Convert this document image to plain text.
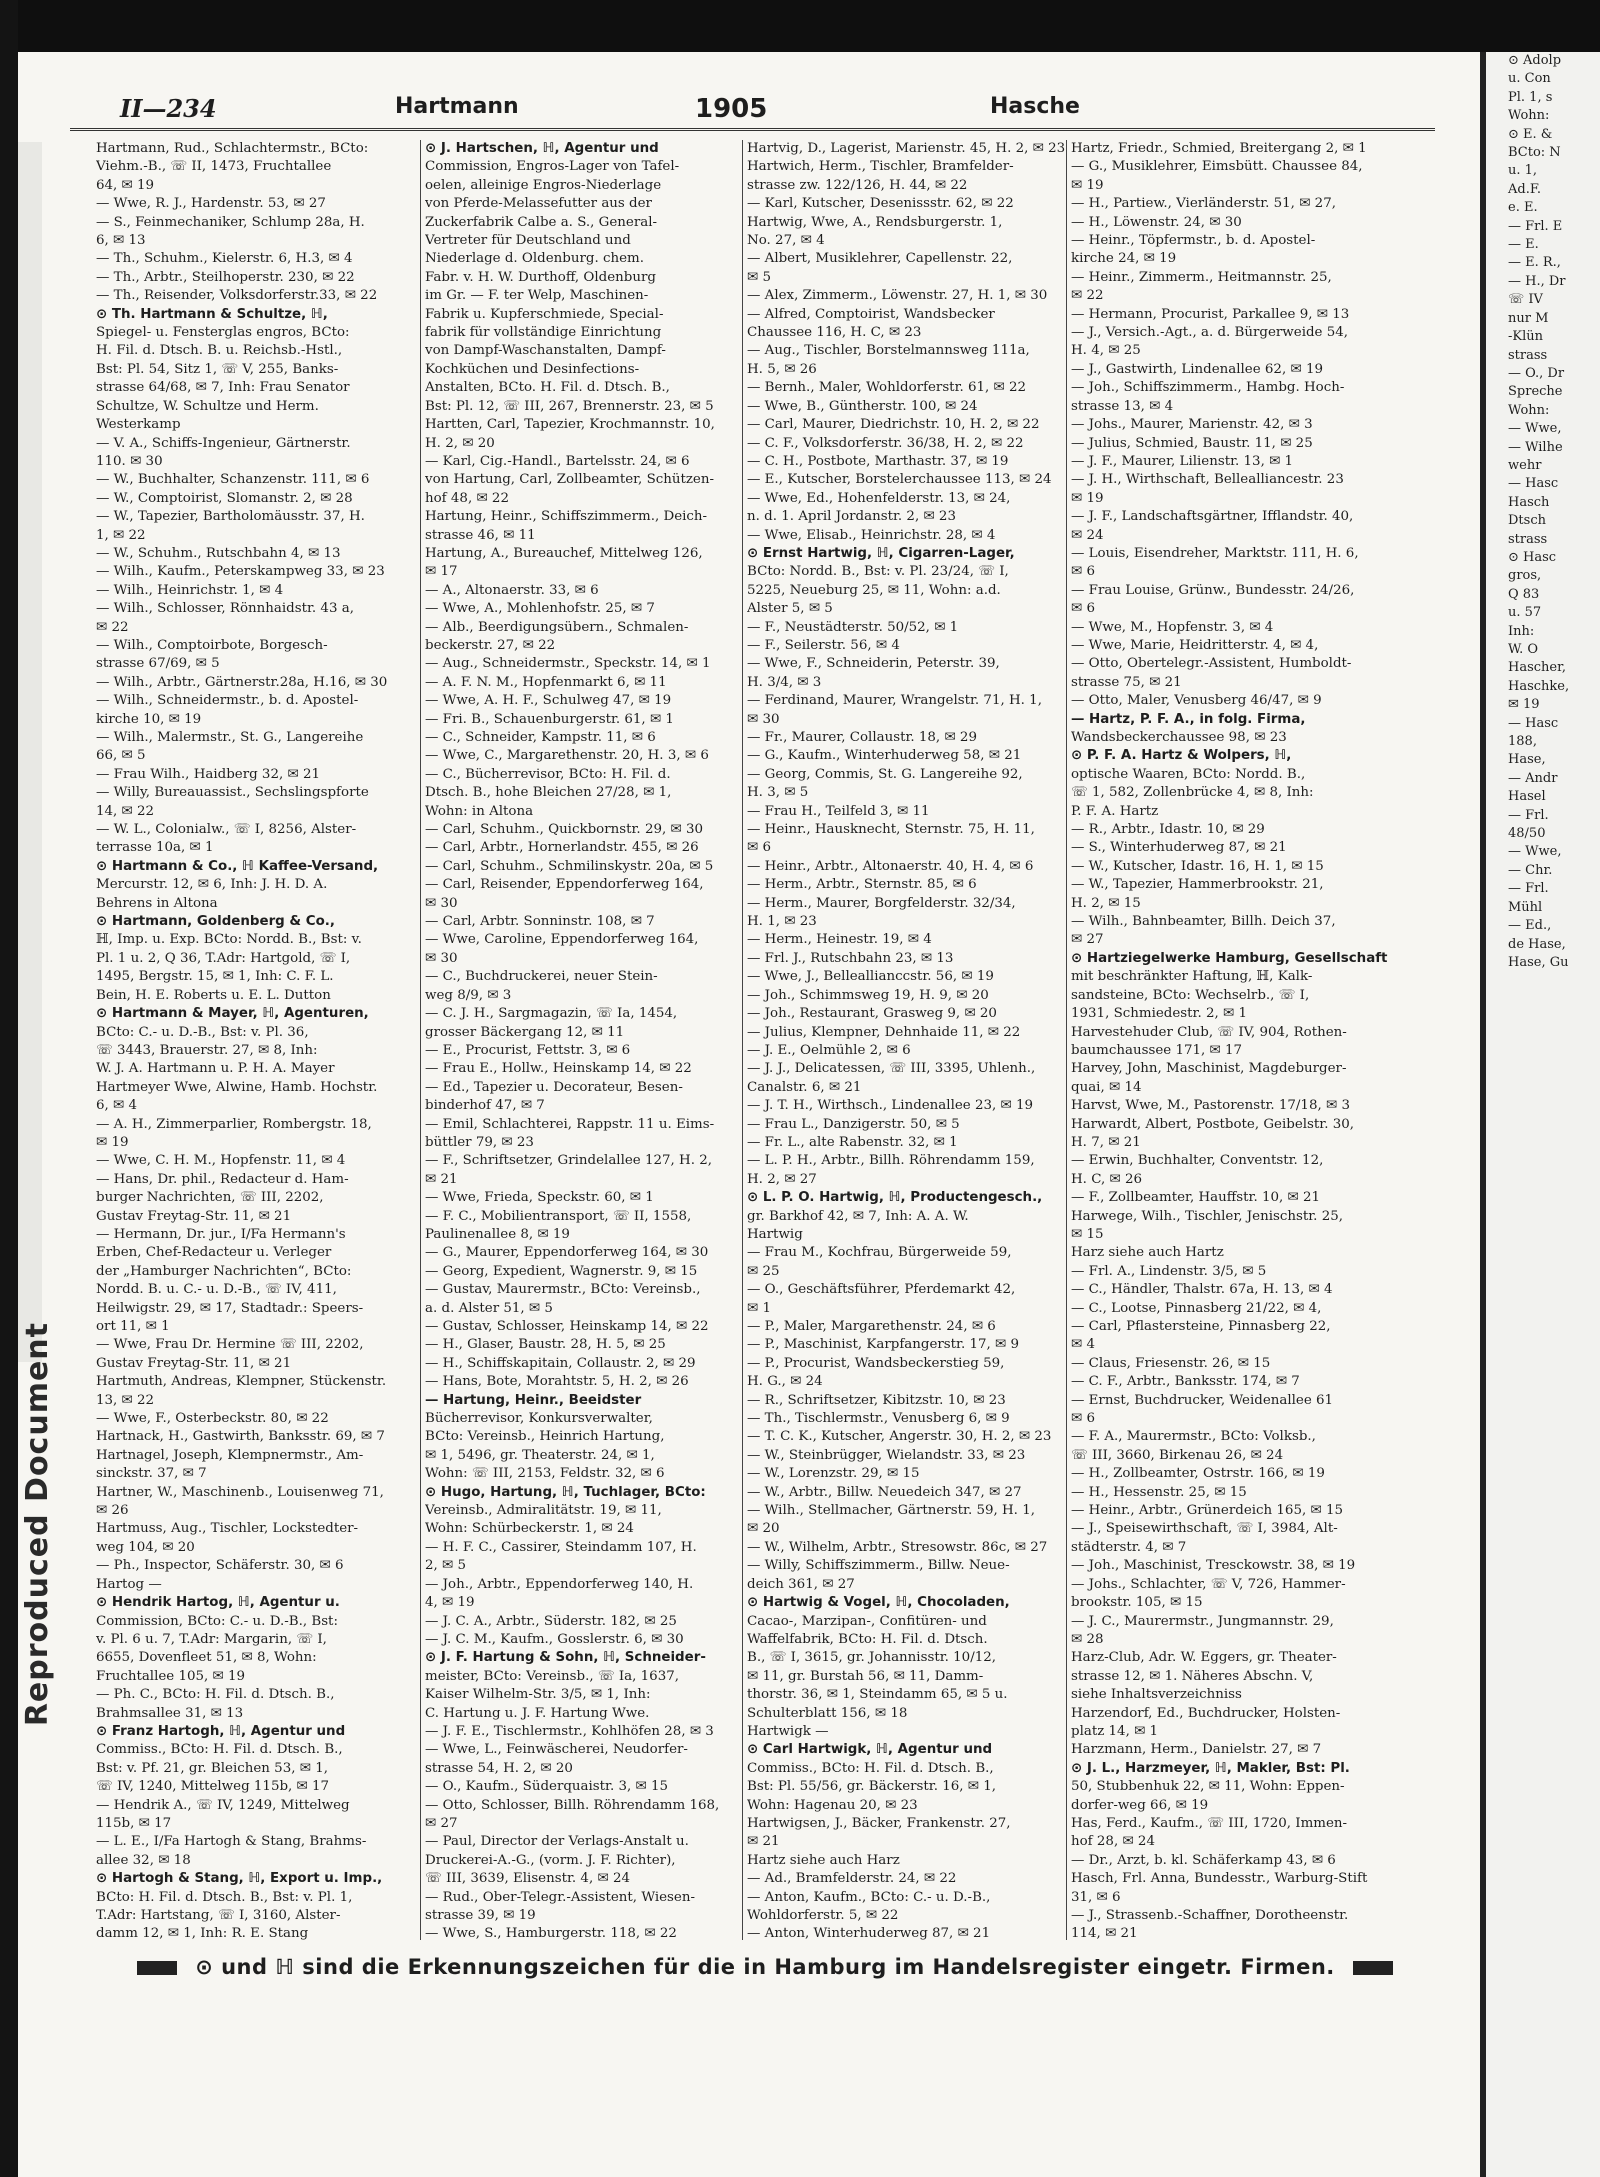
Reproduced Document
II—234	Hartmann	1905	Hasche
Hartmann, Rud., Schlachtermstr., BCto:
Viehm.-B., ☏ II, 1473, Fruchtallee
64, ✉ 19
— Wwe, R. J., Hardenstr. 53, ✉ 27
— S., Feinmechaniker, Schlump 28a, H.
6, ✉ 13
— Th., Schuhm., Kielerstr. 6, H.3, ✉ 4
— Th., Arbtr., Steilhoperstr. 230, ✉ 22
— Th., Reisender, Volksdorferstr.33, ✉ 22
⊙ Th. Hartmann & Schultze, ℍ,
Spiegel- u. Fensterglas engros, BCto:
H. Fil. d. Dtsch. B. u. Reichsb.-Hstl.,
Bst: Pl. 54, Sitz 1, ☏ V, 255, Banks-
strasse 64/68, ✉ 7, Inh: Frau Senator
Schultze, W. Schultze und Herm.
Westerkamp
— V. A., Schiffs-Ingenieur, Gärtnerstr.
110. ✉ 30
— W., Buchhalter, Schanzenstr. 111, ✉ 6
— W., Comptoirist, Slomanstr. 2, ✉ 28
— W., Tapezier, Bartholomäusstr. 37, H.
1, ✉ 22
— W., Schuhm., Rutschbahn 4, ✉ 13
— Wilh., Kaufm., Peterskampweg 33, ✉ 23
— Wilh., Heinrichstr. 1, ✉ 4
— Wilh., Schlosser, Rönnhaidstr. 43 a,
✉ 22
— Wilh., Comptoirbote, Borgesch-
strasse 67/69, ✉ 5
— Wilh., Arbtr., Gärtnerstr.28a, H.16, ✉ 30
— Wilh., Schneidermstr., b. d. Apostel-
kirche 10, ✉ 19
— Wilh., Malermstr., St. G., Langereihe
66, ✉ 5
— Frau Wilh., Haidberg 32, ✉ 21
— Willy, Bureauassist., Sechslingspforte
14, ✉ 22
— W. L., Colonialw., ☏ I, 8256, Alster-
terrasse 10a, ✉ 1
⊙ Hartmann & Co., ℍ Kaffee-Versand,
Mercurstr. 12, ✉ 6, Inh: J. H. D. A.
Behrens in Altona
⊙ Hartmann, Goldenberg & Co.,
ℍ, Imp. u. Exp. BCto: Nordd. B., Bst: v.
Pl. 1 u. 2, Q 36, T.Adr: Hartgold, ☏ I,
1495, Bergstr. 15, ✉ 1, Inh: C. F. L.
Bein, H. E. Roberts u. E. L. Dutton
⊙ Hartmann & Mayer, ℍ, Agenturen,
BCto: C.- u. D.-B., Bst: v. Pl. 36,
☏ 3443, Brauerstr. 27, ✉ 8, Inh:
W. J. A. Hartmann u. P. H. A. Mayer
Hartmeyer Wwe, Alwine, Hamb. Hochstr.
6, ✉ 4
— A. H., Zimmerparlier, Rombergstr. 18,
✉ 19
— Wwe, C. H. M., Hopfenstr. 11, ✉ 4
— Hans, Dr. phil., Redacteur d. Ham-
burger Nachrichten, ☏ III, 2202,
Gustav Freytag-Str. 11, ✉ 21
— Hermann, Dr. jur., I/Fa Hermann's
Erben, Chef-Redacteur u. Verleger
der „Hamburger Nachrichten“, BCto:
Nordd. B. u. C.- u. D.-B., ☏ IV, 411,
Heilwigstr. 29, ✉ 17, Stadtadr.: Speers-
ort 11, ✉ 1
— Wwe, Frau Dr. Hermine ☏ III, 2202,
Gustav Freytag-Str. 11, ✉ 21
Hartmuth, Andreas, Klempner, Stückenstr.
13, ✉ 22
— Wwe, F., Osterbeckstr. 80, ✉ 22
Hartnack, H., Gastwirth, Banksstr. 69, ✉ 7
Hartnagel, Joseph, Klempnermstr., Am-
sinckstr. 37, ✉ 7
Hartner, W., Maschinenb., Louisenweg 71,
✉ 26
Hartmuss, Aug., Tischler, Lockstedter-
weg 104, ✉ 20
— Ph., Inspector, Schäferstr. 30, ✉ 6
Hartog —
⊙ Hendrik Hartog, ℍ, Agentur u.
Commission, BCto: C.- u. D.-B., Bst:
v. Pl. 6 u. 7, T.Adr: Margarin, ☏ I,
6655, Dovenfleet 51, ✉ 8, Wohn:
Fruchtallee 105, ✉ 19
— Ph. C., BCto: H. Fil. d. Dtsch. B.,
Brahmsallee 31, ✉ 13
⊙ Franz Hartogh, ℍ, Agentur und
Commiss., BCto: H. Fil. d. Dtsch. B.,
Bst: v. Pf. 21, gr. Bleichen 53, ✉ 1,
☏ IV, 1240, Mittelweg 115b, ✉ 17
— Hendrik A., ☏ IV, 1249, Mittelweg
115b, ✉ 17
— L. E., I/Fa Hartogh & Stang, Brahms-
allee 32, ✉ 18
⊙ Hartogh & Stang, ℍ, Export u. Imp.,
BCto: H. Fil. d. Dtsch. B., Bst: v. Pl. 1,
T.Adr: Hartstang, ☏ I, 3160, Alster-
damm 12, ✉ 1, Inh: R. E. Stang
⊙ J. Hartschen, ℍ, Agentur und
Commission, Engros-Lager von Tafel-
oelen, alleinige Engros-Niederlage
von Pferde-Melassefutter aus der
Zuckerfabrik Calbe a. S., General-
Vertreter für Deutschland und
Niederlage d. Oldenburg. chem.
Fabr. v. H. W. Durthoff, Oldenburg
im Gr. — F. ter Welp, Maschinen-
Fabrik u. Kupferschmiede, Special-
fabrik für vollständige Einrichtung
von Dampf-Waschanstalten, Dampf-
Kochküchen und Desinfections-
Anstalten, BCto. H. Fil. d. Dtsch. B.,
Bst: Pl. 12, ☏ III, 267, Brennerstr. 23, ✉ 5
Hartten, Carl, Tapezier, Krochmannstr. 10,
H. 2, ✉ 20
— Karl, Cig.-Handl., Bartelsstr. 24, ✉ 6
von Hartung, Carl, Zollbeamter, Schützen-
hof 48, ✉ 22
Hartung, Heinr., Schiffszimmerm., Deich-
strasse 46, ✉ 11
Hartung, A., Bureauchef, Mittelweg 126,
✉ 17
— A., Altonaerstr. 33, ✉ 6
— Wwe, A., Mohlenhofstr. 25, ✉ 7
— Alb., Beerdigungsübern., Schmalen-
beckerstr. 27, ✉ 22
— Aug., Schneidermstr., Speckstr. 14, ✉ 1
— A. F. N. M., Hopfenmarkt 6, ✉ 11
— Wwe, A. H. F., Schulweg 47, ✉ 19
— Fri. B., Schauenburgerstr. 61, ✉ 1
— C., Schneider, Kampstr. 11, ✉ 6
— Wwe, C., Margarethenstr. 20, H. 3, ✉ 6
— C., Bücherrevisor, BCto: H. Fil. d.
Dtsch. B., hohe Bleichen 27/28, ✉ 1,
Wohn: in Altona
— Carl, Schuhm., Quickbornstr. 29, ✉ 30
— Carl, Arbtr., Hornerlandstr. 455, ✉ 26
— Carl, Schuhm., Schmilinskystr. 20a, ✉ 5
— Carl, Reisender, Eppendorferweg 164,
✉ 30
— Carl, Arbtr. Sonninstr. 108, ✉ 7
— Wwe, Caroline, Eppendorferweg 164,
✉ 30
— C., Buchdruckerei, neuer Stein-
weg 8/9, ✉ 3
— C. J. H., Sargmagazin, ☏ Ia, 1454,
grosser Bäckergang 12, ✉ 11
— E., Procurist, Fettstr. 3, ✉ 6
— Frau E., Hollw., Heinskamp 14, ✉ 22
— Ed., Tapezier u. Decorateur, Besen-
binderhof 47, ✉ 7
— Emil, Schlachterei, Rappstr. 11 u. Eims-
büttler 79, ✉ 23
— F., Schriftsetzer, Grindelallee 127, H. 2,
✉ 21
— Wwe, Frieda, Speckstr. 60, ✉ 1
— F. C., Mobilientransport, ☏ II, 1558,
Paulinenallee 8, ✉ 19
— G., Maurer, Eppendorferweg 164, ✉ 30
— Georg, Expedient, Wagnerstr. 9, ✉ 15
— Gustav, Maurermstr., BCto: Vereinsb.,
a. d. Alster 51, ✉ 5
— Gustav, Schlosser, Heinskamp 14, ✉ 22
— H., Glaser, Baustr. 28, H. 5, ✉ 25
— H., Schiffskapitain, Collaustr. 2, ✉ 29
— Hans, Bote, Morahtstr. 5, H. 2, ✉ 26
— Hartung, Heinr., Beeidster
Bücherrevisor, Konkursverwalter,
BCto: Vereinsb., Heinrich Hartung,
✉ 1, 5496, gr. Theaterstr. 24, ✉ 1,
Wohn: ☏ III, 2153, Feldstr. 32, ✉ 6
⊙ Hugo, Hartung, ℍ, Tuchlager, BCto:
Vereinsb., Admiralitätstr. 19, ✉ 11,
Wohn: Schürbeckerstr. 1, ✉ 24
— H. F. C., Cassirer, Steindamm 107, H.
2, ✉ 5
— Joh., Arbtr., Eppendorferweg 140, H.
4, ✉ 19
— J. C. A., Arbtr., Süderstr. 182, ✉ 25
— J. C. M., Kaufm., Gosslerstr. 6, ✉ 30
⊙ J. F. Hartung & Sohn, ℍ, Schneider-
meister, BCto: Vereinsb., ☏ Ia, 1637,
Kaiser Wilhelm-Str. 3/5, ✉ 1, Inh:
C. Hartung u. J. F. Hartung Wwe.
— J. F. E., Tischlermstr., Kohlhöfen 28, ✉ 3
— Wwe, L., Feinwäscherei, Neudorfer-
strasse 54, H. 2, ✉ 20
— O., Kaufm., Süderquaistr. 3, ✉ 15
— Otto, Schlosser, Billh. Röhrendamm 168,
✉ 27
— Paul, Director der Verlags-Anstalt u.
Druckerei-A.-G., (vorm. J. F. Richter),
☏ III, 3639, Elisenstr. 4, ✉ 24
— Rud., Ober-Telegr.-Assistent, Wiesen-
strasse 39, ✉ 19
— Wwe, S., Hamburgerstr. 118, ✉ 22
Hartvig, D., Lagerist, Marienstr. 45, H. 2, ✉ 23
Hartwich, Herm., Tischler, Bramfelder-
strasse zw. 122/126, H. 44, ✉ 22
— Karl, Kutscher, Desenissstr. 62, ✉ 22
Hartwig, Wwe, A., Rendsburgerstr. 1,
No. 27, ✉ 4
— Albert, Musiklehrer, Capellenstr. 22,
✉ 5
— Alex, Zimmerm., Löwenstr. 27, H. 1, ✉ 30
— Alfred, Comptoirist, Wandsbecker
Chaussee 116, H. C, ✉ 23
— Aug., Tischler, Borstelmannsweg 111a,
H. 5, ✉ 26
— Bernh., Maler, Wohldorferstr. 61, ✉ 22
— Wwe, B., Güntherstr. 100, ✉ 24
— Carl, Maurer, Diedrichstr. 10, H. 2, ✉ 22
— C. F., Volksdorferstr. 36/38, H. 2, ✉ 22
— C. H., Postbote, Marthastr. 37, ✉ 19
— E., Kutscher, Borstelerchaussee 113, ✉ 24
— Wwe, Ed., Hohenfelderstr. 13, ✉ 24,
n. d. 1. April Jordanstr. 2, ✉ 23
— Wwe, Elisab., Heinrichstr. 28, ✉ 4
⊙ Ernst Hartwig, ℍ, Cigarren-Lager,
BCto: Nordd. B., Bst: v. Pl. 23/24, ☏ I,
5225, Neueburg 25, ✉ 11, Wohn: a.d.
Alster 5, ✉ 5
— F., Neustädterstr. 50/52, ✉ 1
— F., Seilerstr. 56, ✉ 4
— Wwe, F., Schneiderin, Peterstr. 39,
H. 3/4, ✉ 3
— Ferdinand, Maurer, Wrangelstr. 71, H. 1,
✉ 30
— Fr., Maurer, Collaustr. 18, ✉ 29
— G., Kaufm., Winterhuderweg 58, ✉ 21
— Georg, Commis, St. G. Langereihe 92,
H. 3, ✉ 5
— Frau H., Teilfeld 3, ✉ 11
— Heinr., Hausknecht, Sternstr. 75, H. 11,
✉ 6
— Heinr., Arbtr., Altonaerstr. 40, H. 4, ✉ 6
— Herm., Arbtr., Sternstr. 85, ✉ 6
— Herm., Maurer, Borgfelderstr. 32/34,
H. 1, ✉ 23
— Herm., Heinestr. 19, ✉ 4
— Frl. J., Rutschbahn 23, ✉ 13
— Wwe, J., Belleallianccstr. 56, ✉ 19
— Joh., Schimmsweg 19, H. 9, ✉ 20
— Joh., Restaurant, Grasweg 9, ✉ 20
— Julius, Klempner, Dehnhaide 11, ✉ 22
— J. E., Oelmühle 2, ✉ 6
— J. J., Delicatessen, ☏ III, 3395, Uhlenh.,
Canalstr. 6, ✉ 21
— J. T. H., Wirthsch., Lindenallee 23, ✉ 19
— Frau L., Danzigerstr. 50, ✉ 5
— Fr. L., alte Rabenstr. 32, ✉ 1
— L. P. H., Arbtr., Billh. Röhrendamm 159,
H. 2, ✉ 27
⊙ L. P. O. Hartwig, ℍ, Productengesch.,
gr. Barkhof 42, ✉ 7, Inh: A. A. W.
Hartwig
— Frau M., Kochfrau, Bürgerweide 59,
✉ 25
— O., Geschäftsführer, Pferdemarkt 42,
✉ 1
— P., Maler, Margarethenstr. 24, ✉ 6
— P., Maschinist, Karpfangerstr. 17, ✉ 9
— P., Procurist, Wandsbeckerstieg 59,
H. G., ✉ 24
— R., Schriftsetzer, Kibitzstr. 10, ✉ 23
— Th., Tischlermstr., Venusberg 6, ✉ 9
— T. C. K., Kutscher, Angerstr. 30, H. 2, ✉ 23
— W., Steinbrügger, Wielandstr. 33, ✉ 23
— W., Lorenzstr. 29, ✉ 15
— W., Arbtr., Billw. Neuedeich 347, ✉ 27
— Wilh., Stellmacher, Gärtnerstr. 59, H. 1,
✉ 20
— W., Wilhelm, Arbtr., Stresowstr. 86c, ✉ 27
— Willy, Schiffszimmerm., Billw. Neue-
deich 361, ✉ 27
⊙ Hartwig & Vogel, ℍ, Chocoladen,
Cacao-, Marzipan-, Confitüren- und
Waffelfabrik, BCto: H. Fil. d. Dtsch.
B., ☏ I, 3615, gr. Johannisstr. 10/12,
✉ 11, gr. Burstah 56, ✉ 11, Damm-
thorstr. 36, ✉ 1, Steindamm 65, ✉ 5 u.
Schulterblatt 156, ✉ 18
Hartwigk —
⊙ Carl Hartwigk, ℍ, Agentur und
Commiss., BCto: H. Fil. d. Dtsch. B.,
Bst: Pl. 55/56, gr. Bäckerstr. 16, ✉ 1,
Wohn: Hagenau 20, ✉ 23
Hartwigsen, J., Bäcker, Frankenstr. 27,
✉ 21
Hartz siehe auch Harz
— Ad., Bramfelderstr. 24, ✉ 22
— Anton, Kaufm., BCto: C.- u. D.-B.,
Wohldorferstr. 5, ✉ 22
— Anton, Winterhuderweg 87, ✉ 21
Hartz, Friedr., Schmied, Breitergang 2, ✉ 1
— G., Musiklehrer, Eimsbütt. Chaussee 84,
✉ 19
— H., Partiew., Vierländerstr. 51, ✉ 27,
— H., Löwenstr. 24, ✉ 30
— Heinr., Töpfermstr., b. d. Apostel-
kirche 24, ✉ 19
— Heinr., Zimmerm., Heitmannstr. 25,
✉ 22
— Hermann, Procurist, Parkallee 9, ✉ 13
— J., Versich.-Agt., a. d. Bürgerweide 54,
H. 4, ✉ 25
— J., Gastwirth, Lindenallee 62, ✉ 19
— Joh., Schiffszimmerm., Hambg. Hoch-
strasse 13, ✉ 4
— Johs., Maurer, Marienstr. 42, ✉ 3
— Julius, Schmied, Baustr. 11, ✉ 25
— J. F., Maurer, Lilienstr. 13, ✉ 1
— J. H., Wirthschaft, Bellealliancestr. 23
✉ 19
— J. F., Landschaftsgärtner, Ifflandstr. 40,
✉ 24
— Louis, Eisendreher, Marktstr. 111, H. 6,
✉ 6
— Frau Louise, Grünw., Bundesstr. 24/26,
✉ 6
— Wwe, M., Hopfenstr. 3, ✉ 4
— Wwe, Marie, Heidritterstr. 4, ✉ 4,
— Otto, Obertelegr.-Assistent, Humboldt-
strasse 75, ✉ 21
— Otto, Maler, Venusberg 46/47, ✉ 9
— Hartz, P. F. A., in folg. Firma,
Wandsbeckerchaussee 98, ✉ 23
⊙ P. F. A. Hartz & Wolpers, ℍ,
optische Waaren, BCto: Nordd. B.,
☏ 1, 582, Zollenbrücke 4, ✉ 8, Inh:
P. F. A. Hartz
— R., Arbtr., Idastr. 10, ✉ 29
— S., Winterhuderweg 87, ✉ 21
— W., Kutscher, Idastr. 16, H. 1, ✉ 15
— W., Tapezier, Hammerbrookstr. 21,
H. 2, ✉ 15
— Wilh., Bahnbeamter, Billh. Deich 37,
✉ 27
⊙ Hartziegelwerke Hamburg, Gesellschaft
mit beschränkter Haftung, ℍ, Kalk-
sandsteine, BCto: Wechselrb., ☏ I,
1931, Schmiedestr. 2, ✉ 1
Harvestehuder Club, ☏ IV, 904, Rothen-
baumchaussee 171, ✉ 17
Harvey, John, Maschinist, Magdeburger-
quai, ✉ 14
Harvst, Wwe, M., Pastorenstr. 17/18, ✉ 3
Harwardt, Albert, Postbote, Geibelstr. 30,
H. 7, ✉ 21
— Erwin, Buchhalter, Conventstr. 12,
H. C, ✉ 26
— F., Zollbeamter, Hauffstr. 10, ✉ 21
Harwege, Wilh., Tischler, Jenischstr. 25,
✉ 15
Harz siehe auch Hartz
— Frl. A., Lindenstr. 3/5, ✉ 5
— C., Händler, Thalstr. 67a, H. 13, ✉ 4
— C., Lootse, Pinnasberg 21/22, ✉ 4,
— Carl, Pflastersteine, Pinnasberg 22,
✉ 4
— Claus, Friesenstr. 26, ✉ 15
— C. F., Arbtr., Banksstr. 174, ✉ 7
— Ernst, Buchdrucker, Weidenallee 61
✉ 6
— F. A., Maurermstr., BCto: Volksb.,
☏ III, 3660, Birkenau 26, ✉ 24
— H., Zollbeamter, Ostrstr. 166, ✉ 19
— H., Hessenstr. 25, ✉ 15
— Heinr., Arbtr., Grünerdeich 165, ✉ 15
— J., Speisewirthschaft, ☏ I, 3984, Alt-
städterstr. 4, ✉ 7
— Joh., Maschinist, Tresckowstr. 38, ✉ 19
— Johs., Schlachter, ☏ V, 726, Hammer-
brookstr. 105, ✉ 15
— J. C., Maurermstr., Jungmannstr. 29,
✉ 28
Harz-Club, Adr. W. Eggers, gr. Theater-
strasse 12, ✉ 1. Näheres Abschn. V,
siehe Inhaltsverzeichniss
Harzendorf, Ed., Buchdrucker, Holsten-
platz 14, ✉ 1
Harzmann, Herm., Danielstr. 27, ✉ 7
⊙ J. L., Harzmeyer, ℍ, Makler, Bst: Pl.
50, Stubbenhuk 22, ✉ 11, Wohn: Eppen-
dorfer-weg 66, ✉ 19
Has, Ferd., Kaufm., ☏ III, 1720, Immen-
hof 28, ✉ 24
— Dr., Arzt, b. kl. Schäferkamp 43, ✉ 6
Hasch, Frl. Anna, Bundesstr., Warburg-Stift
31, ✉ 6
— J., Strassenb.-Schaffner, Dorotheenstr.
114, ✉ 21
⊙ Adolp
u. Con
Pl. 1, s
Wohn:
⊙ E. &
BCto: N
u. 1,
Ad.F.
e. E.
— Frl. E
— E.
— E. R.,
— H., Dr
☏ IV
nur M
-Klün
strass
— O., Dr
Spreche
Wohn:
— Wwe,
— Wilhe
wehr
— Hasc
Hasch
Dtsch
strass
⊙ Hasc
gros,
Q 83
u. 57
Inh:
W. O
Hascher,
Haschke,
✉ 19
— Hasc
188,
Hase,
— Andr
Hasel
— Frl.
48/50
— Wwe,
— Chr.
— Frl.
Mühl
— Ed.,
de Hase,
Hase, Gu
⊙ und ℍ sind die Erkennungszeichen für die in Hamburg im Handelsregister eingetr. Firmen.
